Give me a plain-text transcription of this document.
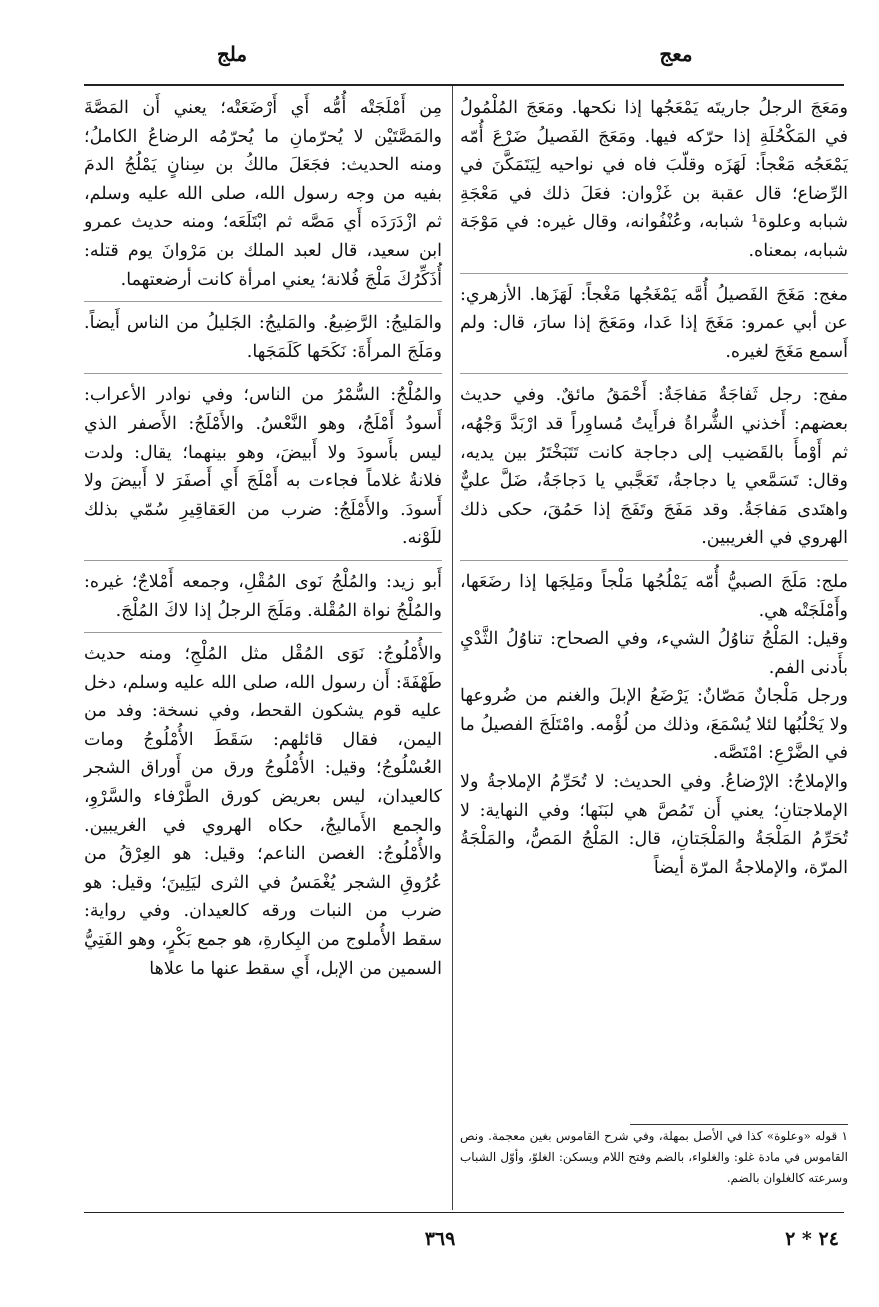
معج
ملج
ومَعَجَ الرجلُ جاريتَه يَمْعَجُها إذا نكحها. ومَعَجَ المُلْمُولُ في المَكْحُلَةِ إذا حرّكه فيها. ومَعَجَ الفَصيلُ ضَرْعَ أُمّه يَمْعَجُه مَعْجاً: لَهَزَه وقلّبَ فاه في نواحيه لِيَتَمَكَّنَ في الرِّضاع؛ قال عقبة بن غَزْوان: فعَلَ ذلك في مَعْجَةِ شبابه وعلوة¹ شبابه، وعُنْفُوانه، وقال غيره: في مَوْجَة شبابه، بمعناه.
مغج: مَغَجَ الفَصيلُ أُمَّه يَمْغَجُها مَغْجاً: لَهَزَها. الأزهري: عن أبي عمرو: مَغَجَ إذا عَدا، ومَعَجَ إذا سارَ، قال: ولم أَسمع مَغَجَ لغيره.
مفج: رجل ثَفاجَةٌ مَفاجَةٌ: أَحْمَقُ مائقٌ. وفي حديث بعضهم: أَخذني الشُّراةُ فرأَيتُ مُساوِراً قد ارْبَدَّ وَجْهُه، ثم أَوْمأَ بالقَضيب إلى دجاجة كانت تَتَبَخْتَرُ بين يديه، وقال: تَسَمَّعي يا دجاجةُ، تَعَجَّبي يا دَجاجَةُ، ضَلَّ عليٌّ واهتَدى مَفاجَةُ. وقد مَفَجَ وتَفَجَ إذا حَمُقَ، حكى ذلك الهروي في الغريبين.
ملج: مَلَجَ الصبيُّ أُمّه يَمْلُجُها مَلْجاً ومَلِجَها إذا رضَعَها، وأَمْلَجَتْه هي.
وقيل: المَلْجُ تناوُلُ الشيء، وفي الصحاح: تناوُلُ الثَّدْيِ بأَدنى الفم.
ورجل مَلْجانٌ مَصّانٌ: يَرْضَعُ الإبلَ والغنم من ضُروعها ولا يَحْلُبُها لئلا يُسْمَعَ، وذلك من لُؤْمه. وامْتَلَجَ الفصيلُ ما في الضَّرْعِ: امْتَصَّه.
والإملاجُ: الإرْضاعُ. وفي الحديث: لا تُحَرِّمُ الإملاجةُ ولا الإملاجتانِ؛ يعني أَن تَمُصَّ هي لبَنَها؛ وفي النهاية: لا تُحَرِّمُ المَلْجَةُ والمَلْجَتانِ، قال: المَلْجُ المَصُّ، والمَلْجَةُ المرّة، والإملاجةُ المرّة أيضاً
١ قوله «وعلوة» كذا في الأصل بمهلة، وفي شرح القاموس بغين معجمة. ونص القاموس في مادة غلو: والغلواء، بالضم وفتح اللام ويسكن: الغلوّ، وأوّل الشباب وسرعته كالغلوان بالضم.
مِن أَمْلَجَتْه أُمُّه أَي أَرْضَعَتْه؛ يعني أَن المَصَّةَ والمَصَّتَيْن لا يُحرّمانِ ما يُحرّمُه الرضاعُ الكاملُ؛ ومنه الحديث: فجَعَلَ مالكُ بن سِنانٍ يَمْلُجُ الدمَ بفيه من وجه رسول الله، صلى الله عليه وسلم، ثم ازْدَرَدَه أَي مَصَّه ثم ابْتَلَعَه؛ ومنه حديث عمرو ابن سعيد، قال لعبد الملك بن مَرْوانَ يوم قتله: أُذَكِّرُكَ مَلْجَ فُلانة؛ يعني امرأة كانت أرضعتهما.
والمَليجُ: الرَّضِيعُ. والمَليجُ: الجَليلُ من الناس أَيضاً. ومَلَجَ المرأَةَ: نَكَحَها كَلَمَجَها.
والمُلْجُ: السُّمْرُ من الناس؛ وفي نوادر الأعراب: أَسودُ أَمْلَجُ، وهو النَّعْسُ. والأَمْلَجُ: الأَصفر الذي ليس بأَسودَ ولا أَبيضَ، وهو بينهما؛ يقال: ولدت فلانةُ غلاماً فجاءت به أَمْلَجَ أَي أَصفَرَ لا أَبيضَ ولا أَسودَ. والأَمْلَجُ: ضرب من العَقاقِيرِ سُمّي بذلك للَوْنه.
أَبو زيد: والمُلْجُ نَوى المُقْلِ، وجمعه أَمْلاجٌ؛ غيره: والمُلْجُ نواة المُقْلة. ومَلَجَ الرجلُ إذا لاكَ المُلْجَ.
والأُمْلُوجُ: نَوَى المُقْل مثل المُلْجِ؛ ومنه حديث طَهْفَةَ: أَن رسول الله، صلى الله عليه وسلم، دخل عليه قوم يشكون القحط، وفي نسخة: وفد من اليمن، فقال قائلهم: سَقَطَ الأُمْلُوجُ ومات العُسْلُوجُ؛ وقيل: الأُمْلُوجُ ورق من أَوراق الشجر كالعيدان، ليس بعريض كورق الطَّرْفاء والسَّرْوِ، والجمع الأَماليجُ، حكاه الهروي في الغريبين. والأُمْلُوجُ: الغصن الناعم؛ وقيل: هو العِرْقُ من عُرُوقِ الشجر يُغْمَسُ في الثرى ليَلِينَ؛ وقيل: هو ضرب من النبات ورقه كالعيدان. وفي رواية: سقط الأُملوج من البِكارةِ، هو جمع بَكْرٍ، وهو الفَتِيُّ السمين من الإبل، أَي سقط عنها ما علاها
٣٦٩	٢٤ * ٢
